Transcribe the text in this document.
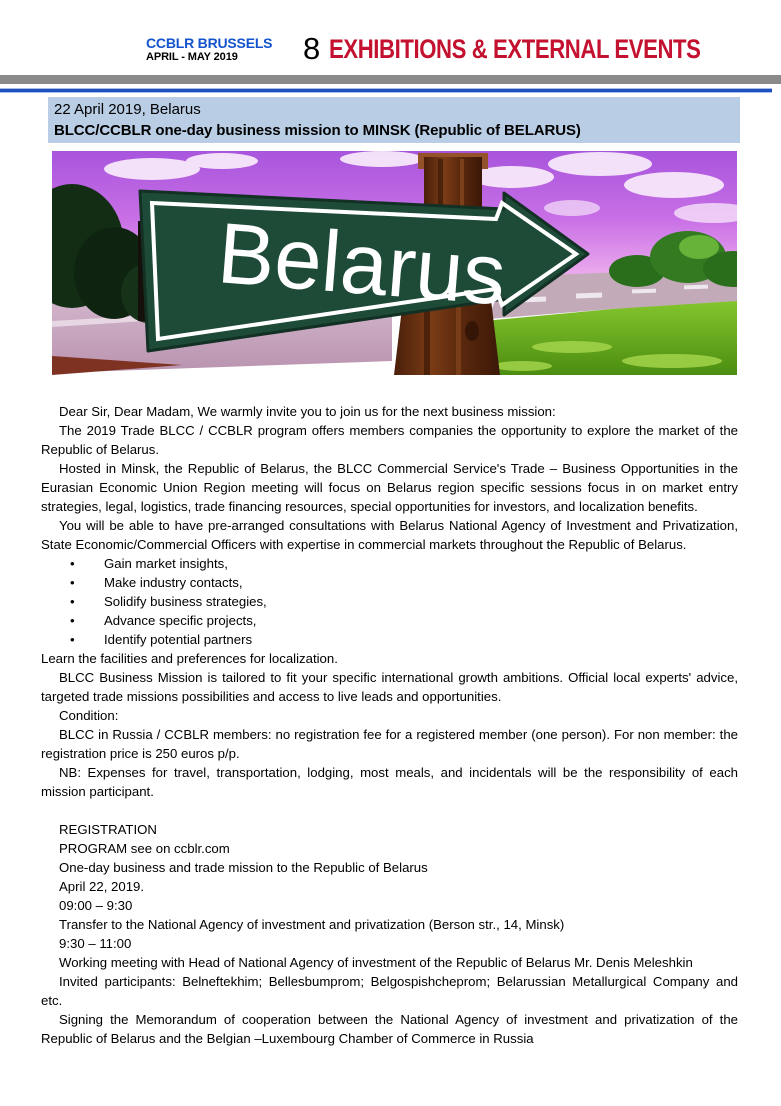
CCBLR BRUSSELS
APRIL - MAY 2019	8 EXHIBITIONS & EXTERNAL EVENTS
22 April 2019, Belarus
BLCC/CCBLR one-day business mission to MINSK (Republic of BELARUS)
Belarus

Dear Sir, Dear Madam, We warmly invite you to join us for the next business mission:

The 2019 Trade BLCC / CCBLR program offers members companies the opportunity to explore the market of the Republic of Belarus.

Hosted in Minsk, the Republic of Belarus, the BLCC Commercial Service's Trade – Business Opportunities in the Eurasian Economic Union Region meeting will focus on Belarus region specific sessions focus in on market entry strategies, legal, logistics, trade financing resources, special opportunities for investors, and localization benefits.

You will be able to have pre-arranged consultations with Belarus National Agency of Investment and Privatization, State Economic/Commercial Officers with expertise in commercial markets throughout the Republic of Belarus.

• Gain market insights,
• Make industry contacts,
• Solidify business strategies,
• Advance specific projects,
• Identify potential partners

Learn the facilities and preferences for localization.

BLCC Business Mission is tailored to fit your specific international growth ambitions. Official local experts' advice, targeted trade missions possibilities and access to live leads and opportunities.

Condition:

BLCC in Russia / CCBLR members: no registration fee for a registered member (one person). For non member: the registration price is 250 euros p/p.

NB: Expenses for travel, transportation, lodging, most meals, and incidentals will be the responsibility of each mission participant.

REGISTRATION
PROGRAM see on ccblr.com
One-day business and trade mission to the Republic of Belarus
April 22, 2019.
09:00 – 9:30
Transfer to the National Agency of investment and privatization (Berson str., 14, Minsk)
9:30 – 11:00
Working meeting with Head of National Agency of investment of the Republic of Belarus Mr. Denis Meleshkin

Invited participants: Belneftekhim; Bellesbumprom; Belgospishcheprom; Belarussian Metallurgical Company and etc.

Signing the Memorandum of cooperation between the National Agency of investment and privatization of the Republic of Belarus and the Belgian –Luxembourg Chamber of Commerce in Russia
